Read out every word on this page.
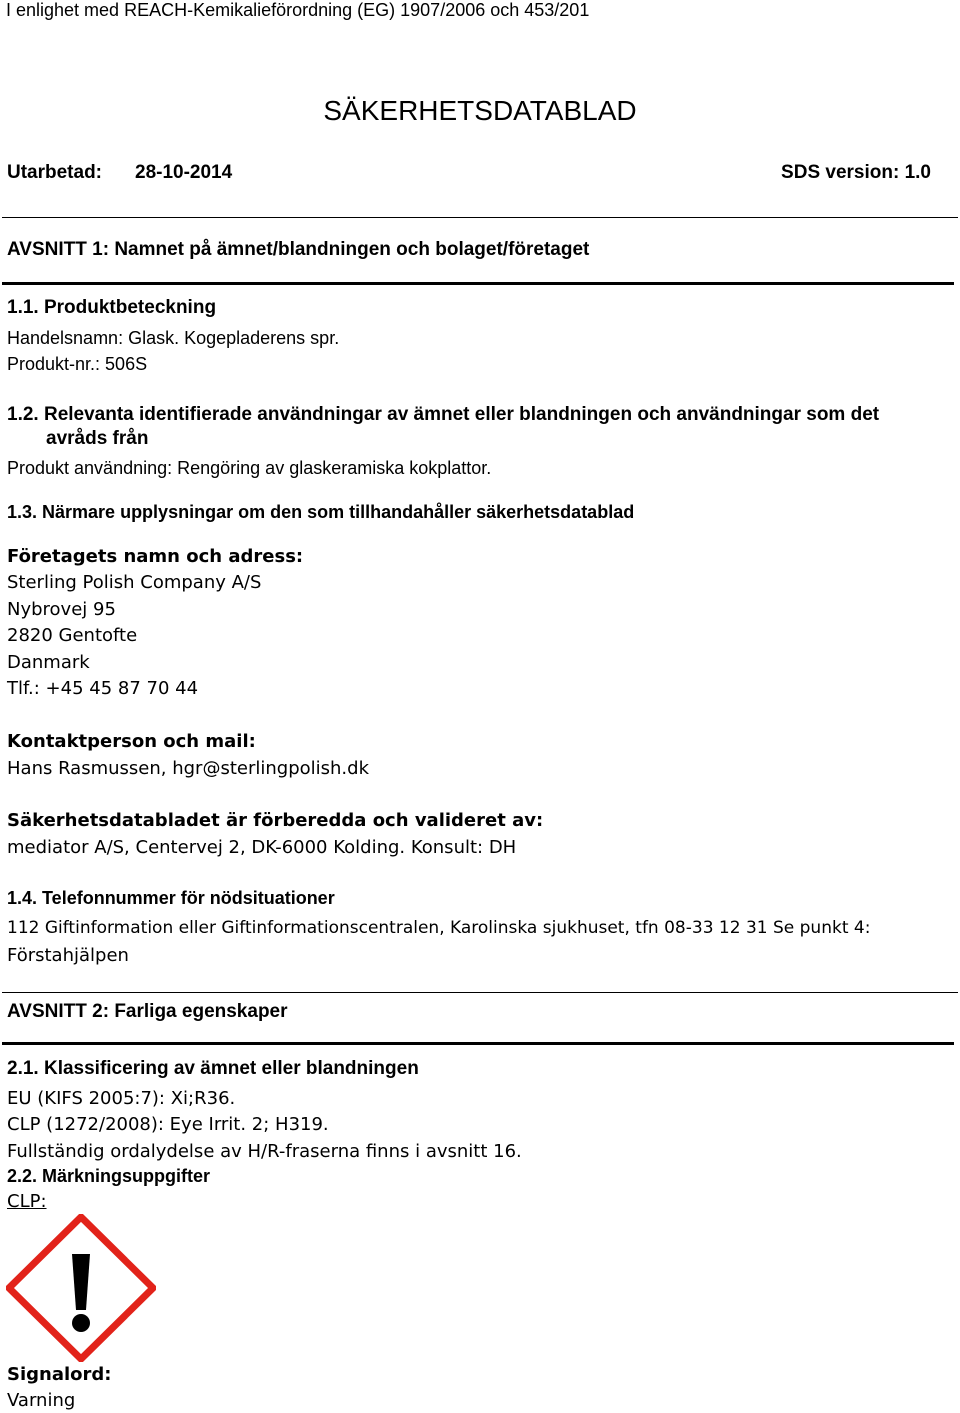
I enlighet med REACH-Kemikalieförordning (EG) 1907/2006 och 453/201
SÄKERHETSDATABLAD
Utarbetad: 28-10-2014	SDS version: 1.0
AVSNITT 1: Namnet på ämnet/blandningen och bolaget/företaget
1.1. Produktbeteckning
Handelsnamn: Glask. Kogepladerens spr.
Produkt-nr.: 506S
1.2. Relevanta identifierade användningar av ämnet eller blandningen och användningar som det
avråds från
Produkt användning: Rengöring av glaskeramiska kokplattor.
1.3. Närmare upplysningar om den som tillhandahåller säkerhetsdatablad
Företagets namn och adress:
Sterling Polish Company A/S
Nybrovej 95
2820 Gentofte
Danmark
Tlf.: +45 45 87 70 44
Kontaktperson och mail:
Hans Rasmussen, hgr@sterlingpolish.dk
Säkerhetsdatabladet är förberedda och valideret av:
mediator A/S, Centervej 2, DK-6000 Kolding. Konsult: DH
1.4. Telefonnummer för nödsituationer
112 Giftinformation eller Giftinformationscentralen, Karolinska sjukhuset, tfn 08-33 12 31 Se punkt 4:
Förstahjälpen
AVSNITT 2: Farliga egenskaper
2.1. Klassificering av ämnet eller blandningen
EU (KIFS 2005:7): Xi;R36.
CLP (1272/2008): Eye Irrit. 2; H319.
Fullständig ordalydelse av H/R-fraserna finns i avsnitt 16.
2.2. Märkningsuppgifter
CLP:
Signalord:
Varning
